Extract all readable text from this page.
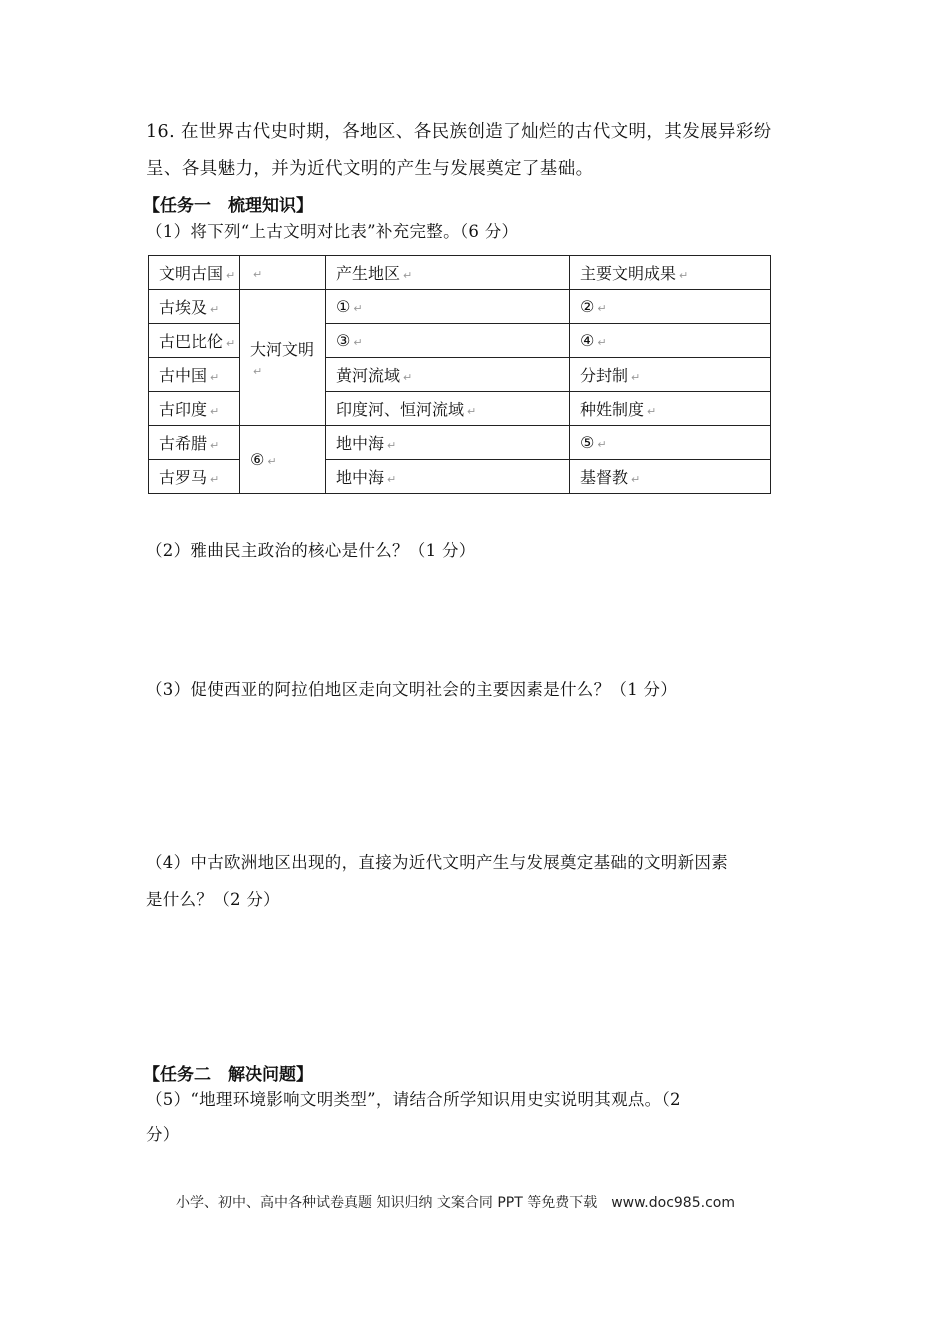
16. 在世界古代史时期，各地区、各民族创造了灿烂的古代文明，其发展异彩纷
呈、各具魅力，并为近代文明的产生与发展奠定了基础。
【任务一　梳理知识】
（1）将下列“上古文明对比表”补充完整。（6 分）
文明古国 ↵	↵	产生地区 ↵	主要文明成果 ↵
古埃及 ↵	大河文明↵	① ↵	② ↵
古巴比伦 ↵		③ ↵	④ ↵
古中国 ↵		黄河流域 ↵	分封制 ↵
古印度 ↵		印度河、恒河流域 ↵	种姓制度 ↵
古希腊 ↵	⑥ ↵	地中海 ↵	⑤ ↵
古罗马 ↵		地中海 ↵	基督教 ↵
（2）雅曲民主政治的核心是什么？（1 分）
（3）促使西亚的阿拉伯地区走向文明社会的主要因素是什么？（1 分）
（4）中古欧洲地区出现的，直接为近代文明产生与发展奠定基础的文明新因素
是什么？（2 分）
【任务二　解决问题】
（5）“地理环境影响文明类型”，请结合所学知识用史实说明其观点。（2
分）
小学、初中、高中各种试卷真题 知识归纳 文案合同 PPT 等免费下载　www.doc985.com
